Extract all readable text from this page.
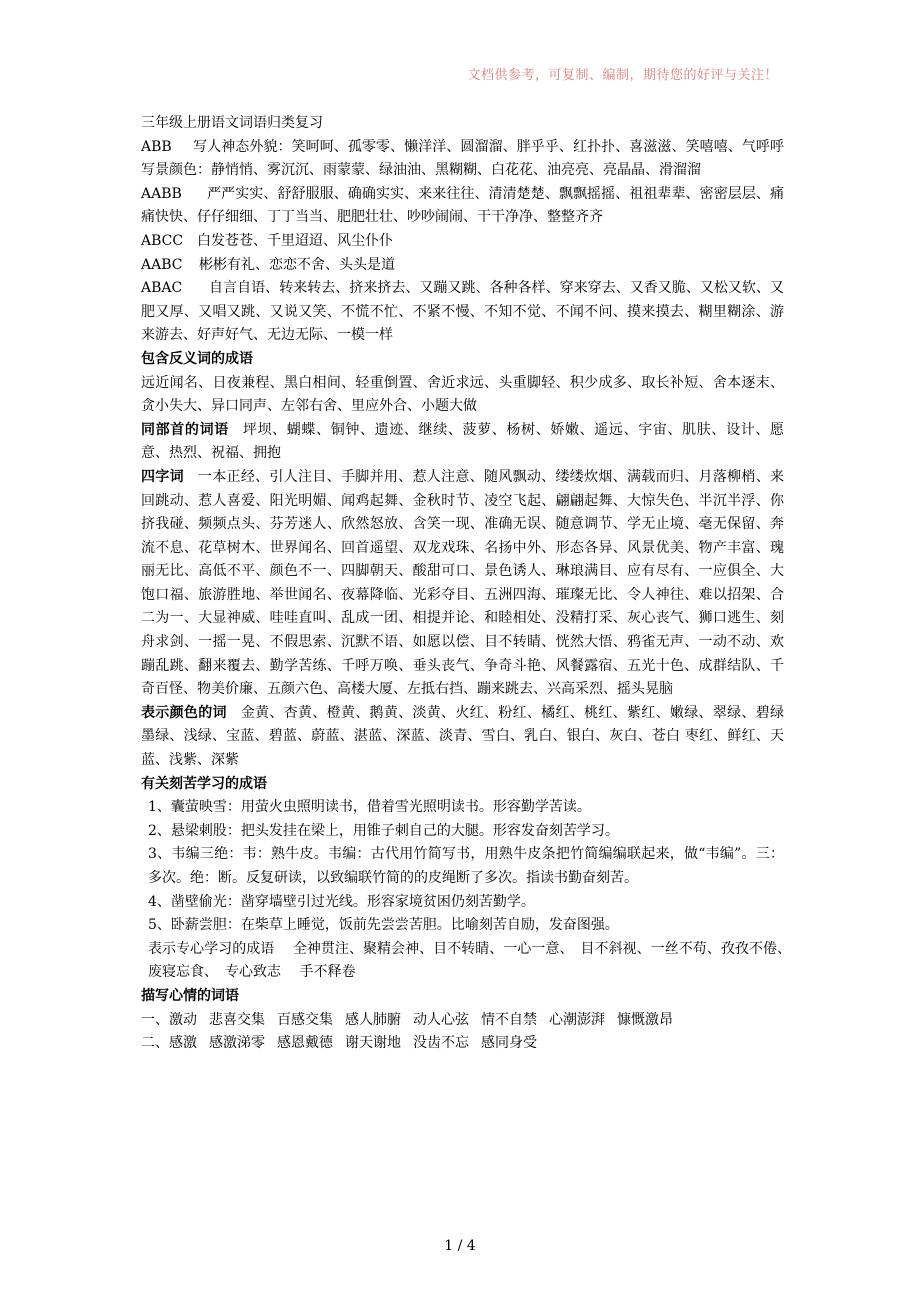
文档供参考，可复制、编制，期待您的好评与关注！

三年级上册语文词语归类复习

ABB 写人神态外貌：笑呵呵、孤零零、懒洋洋、圆溜溜、胖乎乎、红扑扑、喜滋滋、笑嘻嘻、气呼呼 写景颜色：静悄悄、雾沉沉、雨蒙蒙、绿油油、黑糊糊、白花花、油亮亮、亮晶晶、滑溜溜

AABB 严严实实、舒舒服服、确确实实、来来往往、清清楚楚、飘飘摇摇、祖祖辈辈、密密层层、痛痛快快、仔仔细细、丁丁当当、肥肥壮壮、吵吵闹闹、干干净净、整整齐齐

ABCC 白发苍苍、千里迢迢、风尘仆仆

AABC 彬彬有礼、恋恋不舍、头头是道

ABAC 自言自语、转来转去、挤来挤去、又蹦又跳、各种各样、穿来穿去、又香又脆、又松又软、又肥又厚、又唱又跳、又说又笑、不慌不忙、不紧不慢、不知不觉、不闻不问、摸来摸去、糊里糊涂、游来游去、好声好气、无边无际、一模一样

包含反义词的成语

远近闻名、日夜兼程、黑白相间、轻重倒置、舍近求远、头重脚轻、积少成多、取长补短、舍本逐末、贪小失大、异口同声、左邻右舍、里应外合、小题大做

同部首的词语 坪坝、蝴蝶、铜钟、遗迹、继续、菠萝、杨树、娇嫩、遥远、宇宙、肌肤、设计、愿意、热烈、祝福、拥抱

四字词 一本正经、引人注目、手脚并用、惹人注意、随风飘动、缕缕炊烟、满载而归、月落柳梢、来回跳动、惹人喜爱、阳光明媚、闻鸡起舞、金秋时节、凌空飞起、翩翩起舞、大惊失色、半沉半浮、你挤我碰、频频点头、芬芳迷人、欣然怒放、含笑一现、准确无误、随意调节、学无止境、毫无保留、奔流不息、花草树木、世界闻名、回首遥望、双龙戏珠、名扬中外、形态各异、风景优美、物产丰富、瑰丽无比、高低不平、颜色不一、四脚朝天、酸甜可口、景色诱人、琳琅满目、应有尽有、一应俱全、大饱口福、旅游胜地、举世闻名、夜幕降临、光彩夺目、五洲四海、璀璨无比、令人神往、难以招架、合二为一、大显神威、哇哇直叫、乱成一团、相提并论、和睦相处、没精打采、灰心丧气、狮口逃生、刻舟求剑、一摇一晃、不假思索、沉默不语、如愿以偿、目不转睛、恍然大悟、鸦雀无声、一动不动、欢蹦乱跳、翻来覆去、勤学苦练、千呼万唤、垂头丧气、争奇斗艳、风餐露宿、五光十色、成群结队、千奇百怪、物美价廉、五颜六色、高楼大厦、左抵右挡、蹦来跳去、兴高采烈、摇头晃脑

表示颜色的词 金黄、杏黄、橙黄、鹅黄、淡黄、火红、粉红、橘红、桃红、紫红、嫩绿、翠绿、碧绿　 墨绿、浅绿、宝蓝、碧蓝、蔚蓝、湛蓝、深蓝、淡青、雪白、乳白、银白、灰白、苍白 枣红、鲜红、天蓝、浅紫、深紫

有关刻苦学习的成语

1、囊萤映雪：用萤火虫照明读书，借着雪光照明读书。形容勤学苦读。

2、悬梁刺股：把头发挂在梁上，用锥子刺自己的大腿。形容发奋刻苦学习。

3、韦编三绝：韦：熟牛皮。韦编：古代用竹简写书，用熟牛皮条把竹简编编联起来，做“韦编”。三：多次。绝：断。反复研读，以致编联竹简的的皮绳断了多次。指读书勤奋刻苦。

4、凿壁偷光：凿穿墙壁引过光线。形容家境贫困仍刻苦勤学。

5、卧薪尝胆：在柴草上睡觉，饭前先尝尝苦胆。比喻刻苦自励，发奋图强。

表示专心学习的成语　 全神贯注、聚精会神、目不转睛、一心一意、　目不斜视、一丝不苟、孜孜不倦、　废寝忘食、　专心致志　 手不释卷

描写心情的词语

一、激动 悲喜交集 百感交集 感人肺腑 动人心弦 情不自禁 心潮澎湃 慷慨激昂

二、感激 感激涕零 感恩戴德 谢天谢地 没齿不忘 感同身受

1 / 4
